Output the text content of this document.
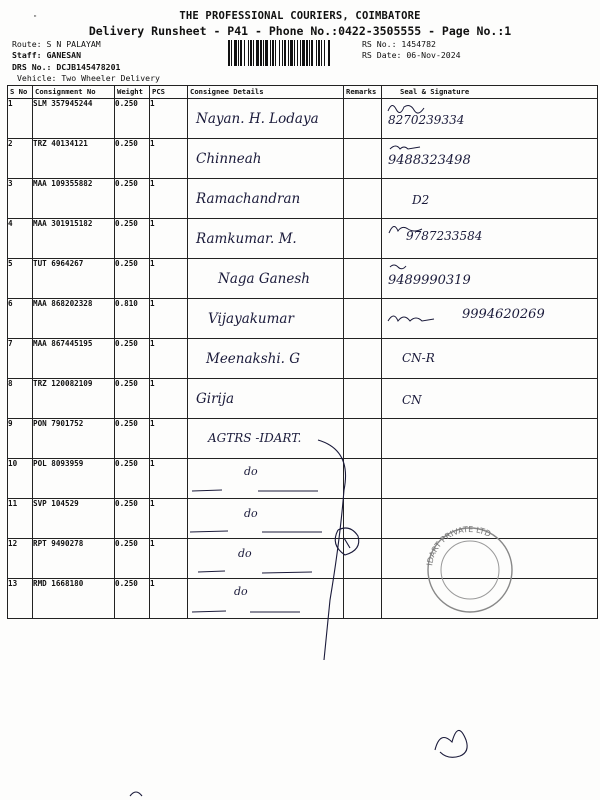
"	THE PROFESSIONAL COURIERS, COIMBATORE
Delivery Runsheet - P41 - Phone No.:0422-3505555 - Page No.:1
Route: S N PALAYAM
Staff: GANESAN
DRS No.: DCJB145478201
Vehicle: Two Wheeler Delivery
RS No.: 1454782
RS Date: 06-Nov-2024
S No	Consignment No	Weight	PCS	Consignee Details	Remarks	Seal & Signature
1	SLM 357945244	0.250	1	Nayan. H. Lodaya		8270239334

2	TRZ 40134121	0.250	1	Chinneah		9488323498

3	MAA 109355882	0.250	1	Ramachandran		D2

4	MAA 301915182	0.250	1	Ramkumar. M.		9787233584

5	TUT 6964267	0.250	1	Naga Ganesh		9489990319

6	MAA 868202328	0.810	1	Vijayakumar		9994620269

7	MAA 867445195	0.250	1	Meenakshi. G		CN-R

8	TRZ 120082109	0.250	1	Girija		CN

9	PON 7901752	0.250	1	AGTRS -IDART.		

10	POL 8093959	0.250	1	do		

11	SVP 104529	0.250	1	do		

12	RPT 9490278	0.250	1	do		

13	RMD 1668180	0.250	1	do		

IDART PRIVATE LTD
